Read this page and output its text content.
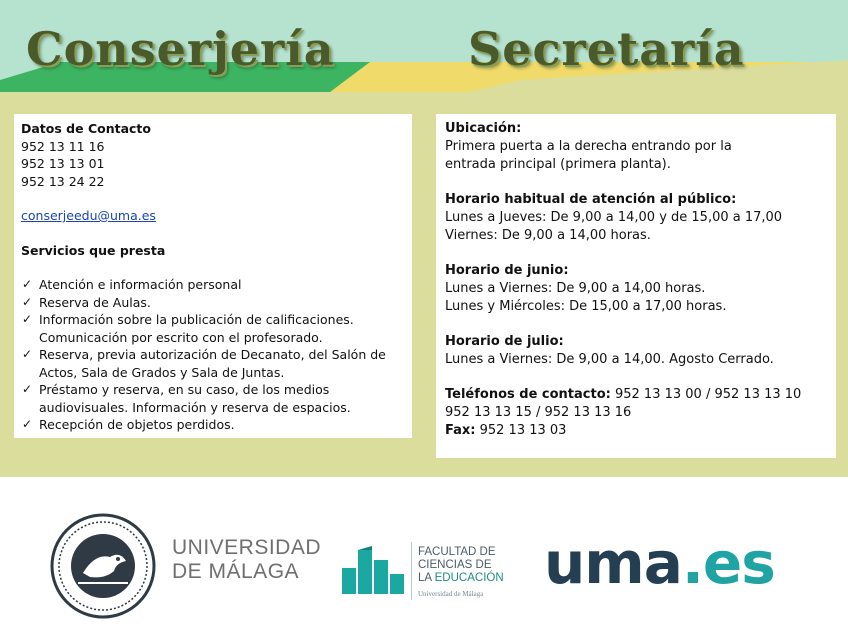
Conserjería	Secretaría
Datos de Contacto
952 13 11 16
952 13 13 01
952 13 24 22
conserjeedu@uma.es
Servicios que presta
✓ Atención e información personal
✓ Reserva de Aulas.
✓ Información sobre la publicación de calificaciones. Comunicación por escrito con el profesorado.
✓ Reserva, previa autorización de Decanato, del Salón de Actos, Sala de Grados y Sala de Juntas.
✓ Préstamo y reserva, en su caso, de los medios audiovisuales. Información y reserva de espacios.
✓ Recepción de objetos perdidos.
Ubicación:
Primera puerta a la derecha entrando por la
entrada principal (primera planta).
Horario habitual de atención al público:
Lunes a Jueves: De 9,00 a 14,00 y de 15,00 a 17,00
Viernes: De 9,00 a 14,00 horas.
Horario de junio:
Lunes a Viernes: De 9,00 a 14,00 horas.
Lunes y Miércoles: De 15,00 a 17,00 horas.
Horario de julio:
Lunes a Viernes: De 9,00 a 14,00. Agosto Cerrado.
Teléfonos de contacto: 952 13 13 00 / 952 13 13 10
952 13 13 15 / 952 13 13 16
Fax: 952 13 13 03
UNIVERSIDAD
DE MÁLAGA
FACULTAD DE
CIENCIAS DE
LA EDUCACIÓN
Universidad de Málaga uma.es
